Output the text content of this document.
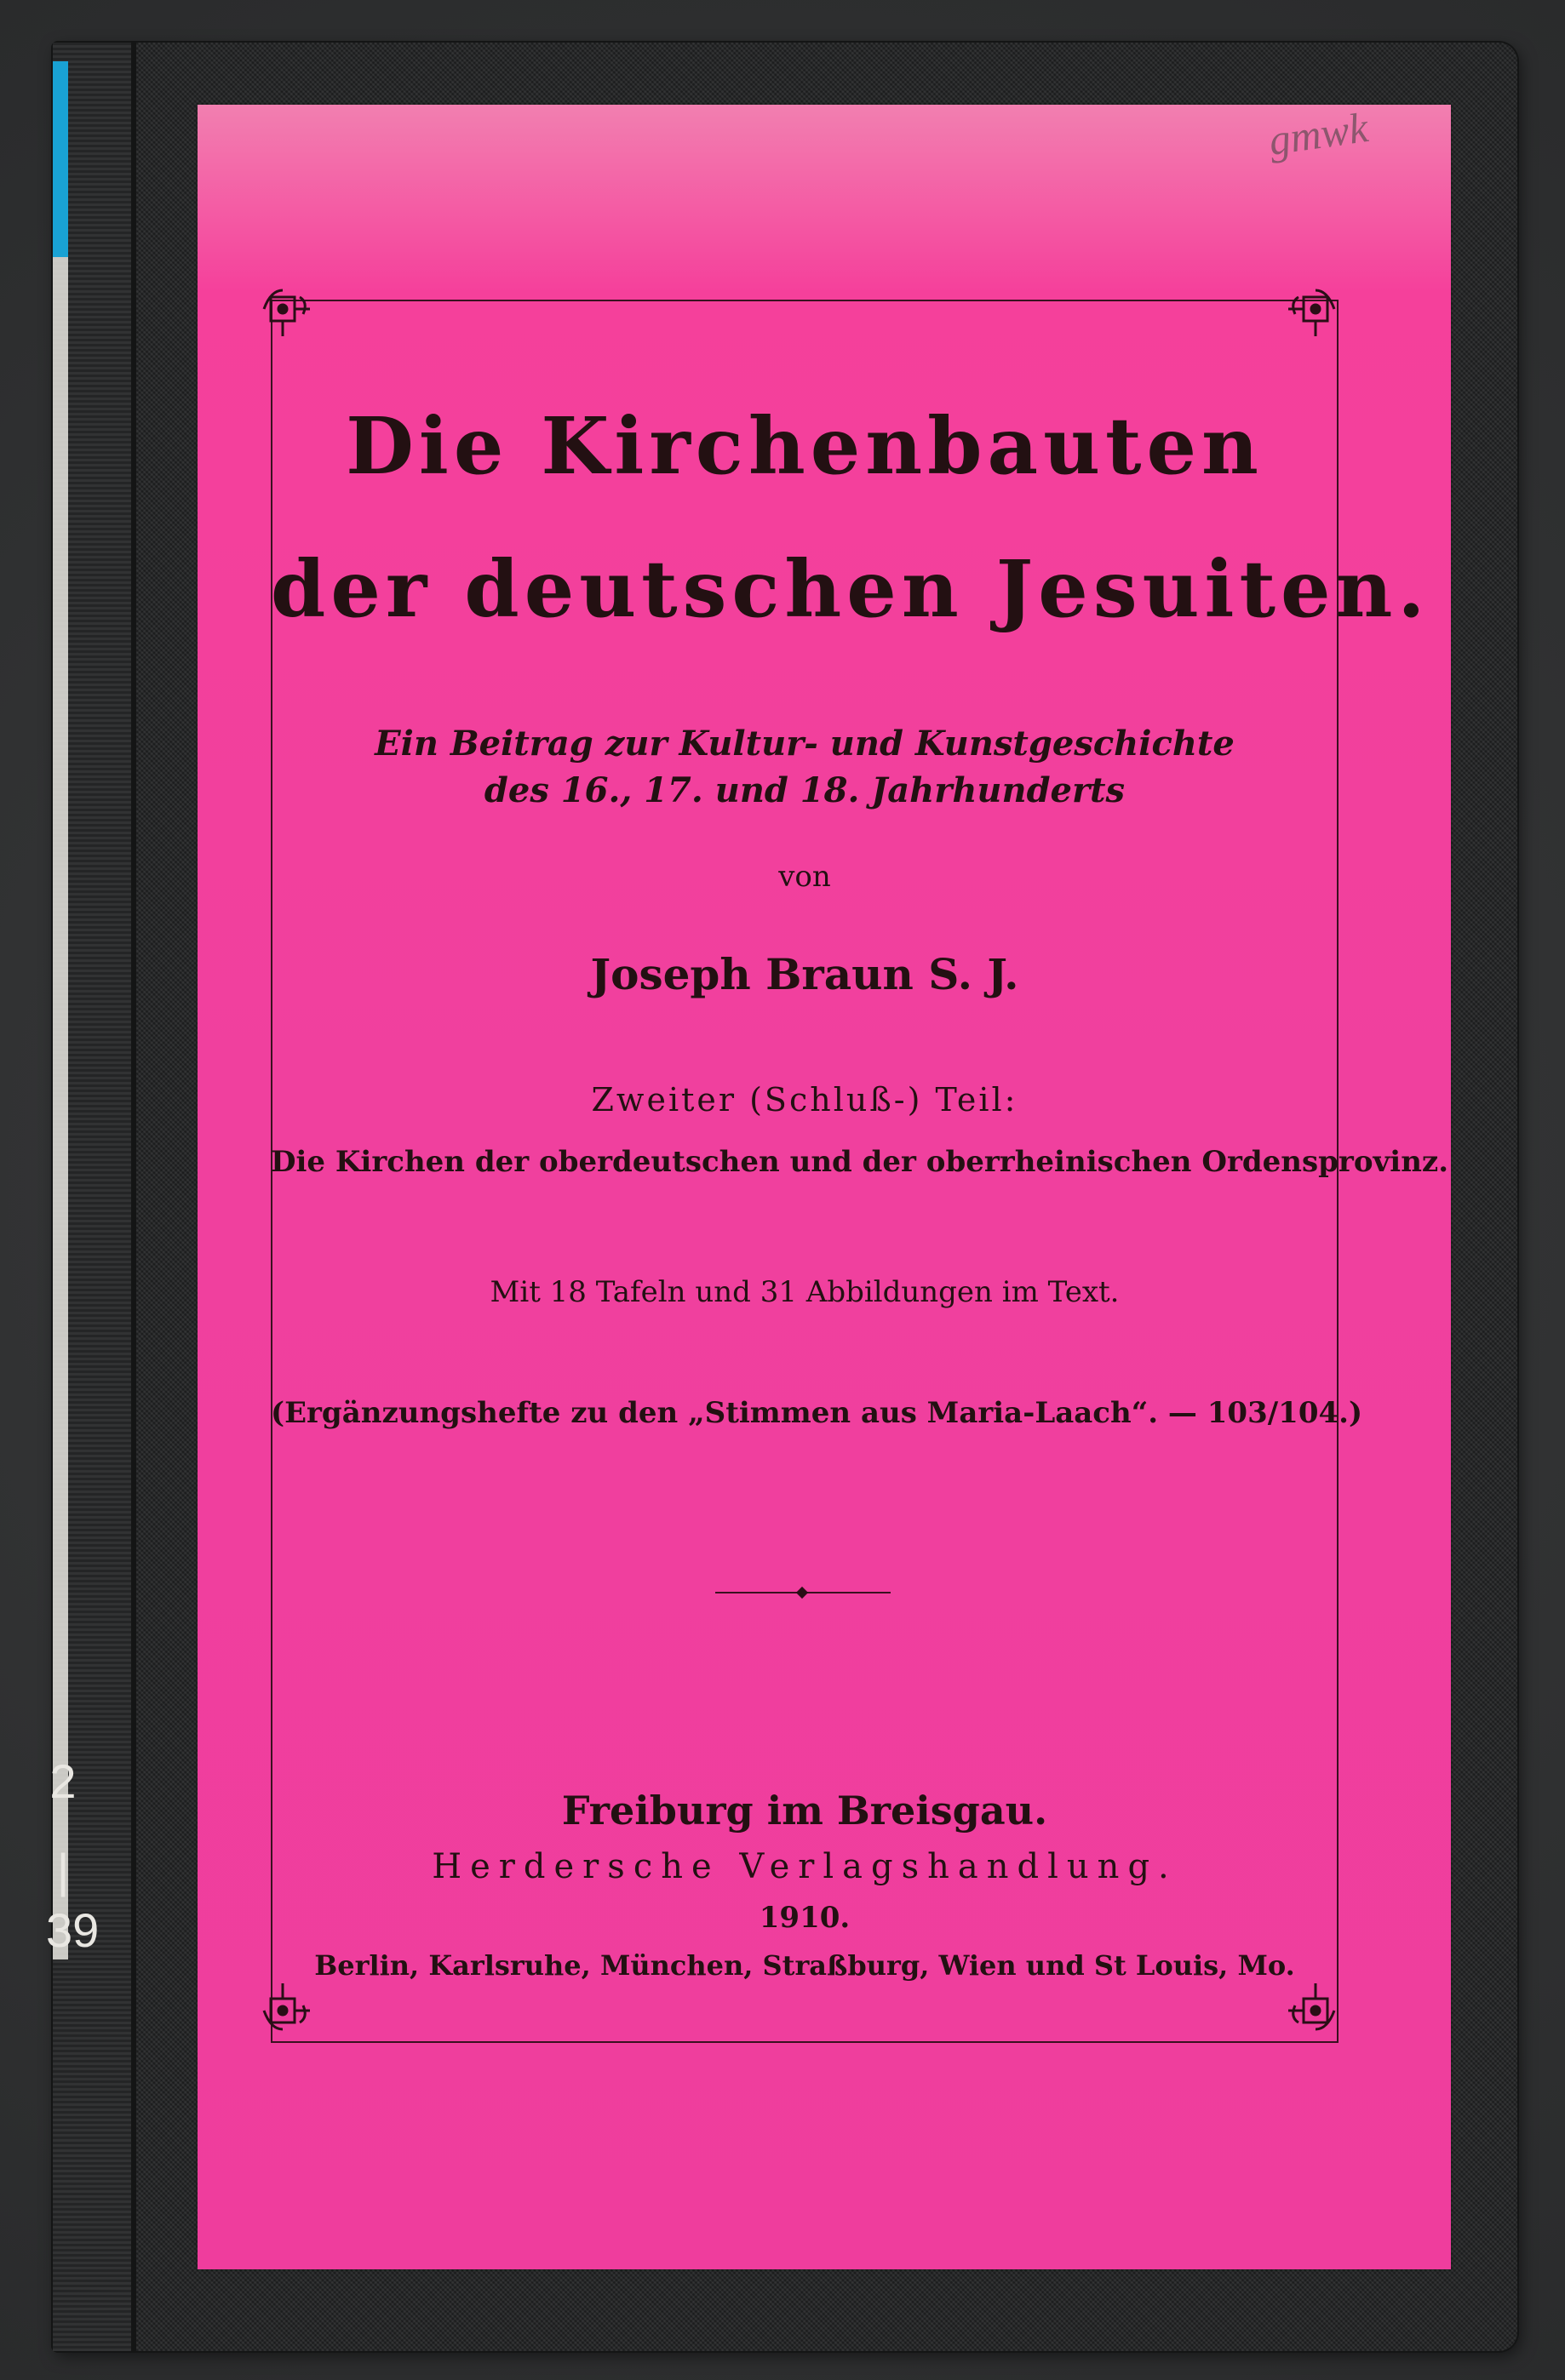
2
|
39
gmwk
Die Kirchenbauten
der deutschen Jesuiten.
Ein Beitrag zur Kultur- und Kunstgeschichte
des 16., 17. und 18. Jahrhunderts
von
Joseph Braun S. J.
Zweiter (Schluß-) Teil:
Die Kirchen der oberdeutschen und der oberrheinischen Ordensprovinz.
Mit 18 Tafeln und 31 Abbildungen im Text.
(Ergänzungshefte zu den „Stimmen aus Maria-Laach“. — 103/104.)
Freiburg im Breisgau.
Herdersche Verlagshandlung.
1910.
Berlin, Karlsruhe, München, Straßburg, Wien und St Louis, Mo.
